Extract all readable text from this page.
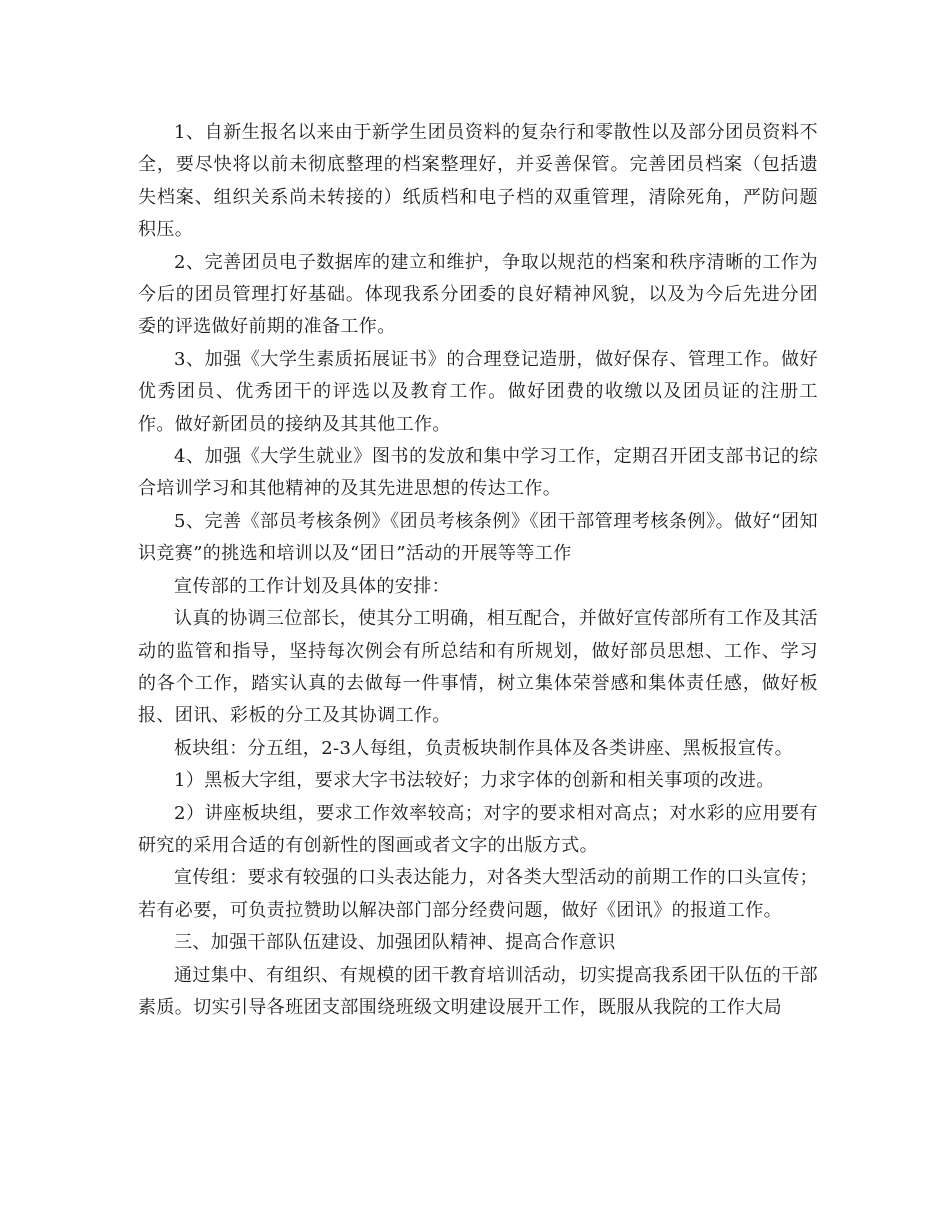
1、自新生报名以来由于新学生团员资料的复杂行和零散性以及部分团员资料不全，要尽快将以前未彻底整理的档案整理好，并妥善保管。完善团员档案（包括遗失档案、组织关系尚未转接的）纸质档和电子档的双重管理，清除死角，严防问题积压。

2、完善团员电子数据库的建立和维护，争取以规范的档案和秩序清晰的工作为今后的团员管理打好基础。体现我系分团委的良好精神风貌，以及为今后先进分团委的评选做好前期的准备工作。

3、加强《大学生素质拓展证书》的合理登记造册，做好保存、管理工作。做好优秀团员、优秀团干的评选以及教育工作。做好团费的收缴以及团员证的注册工作。做好新团员的接纳及其其他工作。

4、加强《大学生就业》图书的发放和集中学习工作，定期召开团支部书记的综合培训学习和其他精神的及其先进思想的传达工作。

5、完善《部员考核条例》《团员考核条例》《团干部管理考核条例》。做好“团知识竞赛”的挑选和培训以及“团日”活动的开展等等工作

宣传部的工作计划及具体的安排：

认真的协调三位部长，使其分工明确，相互配合，并做好宣传部所有工作及其活动的监管和指导，坚持每次例会有所总结和有所规划，做好部员思想、工作、学习的各个工作，踏实认真的去做每一件事情，树立集体荣誉感和集体责任感，做好板报、团讯、彩板的分工及其协调工作。

板块组：分五组，2-3人每组，负责板块制作具体及各类讲座、黑板报宣传。

1）黑板大字组，要求大字书法较好；力求字体的创新和相关事项的改进。

2）讲座板块组，要求工作效率较高；对字的要求相对高点；对水彩的应用要有研究的采用合适的有创新性的图画或者文字的出版方式。

宣传组：要求有较强的口头表达能力，对各类大型活动的前期工作的口头宣传；若有必要，可负责拉赞助以解决部门部分经费问题，做好《团讯》的报道工作。

三、加强干部队伍建设、加强团队精神、提高合作意识

通过集中、有组织、有规模的团干教育培训活动，切实提高我系团干队伍的干部素质。切实引导各班团支部围绕班级文明建设展开工作，既服从我院的工作大局
